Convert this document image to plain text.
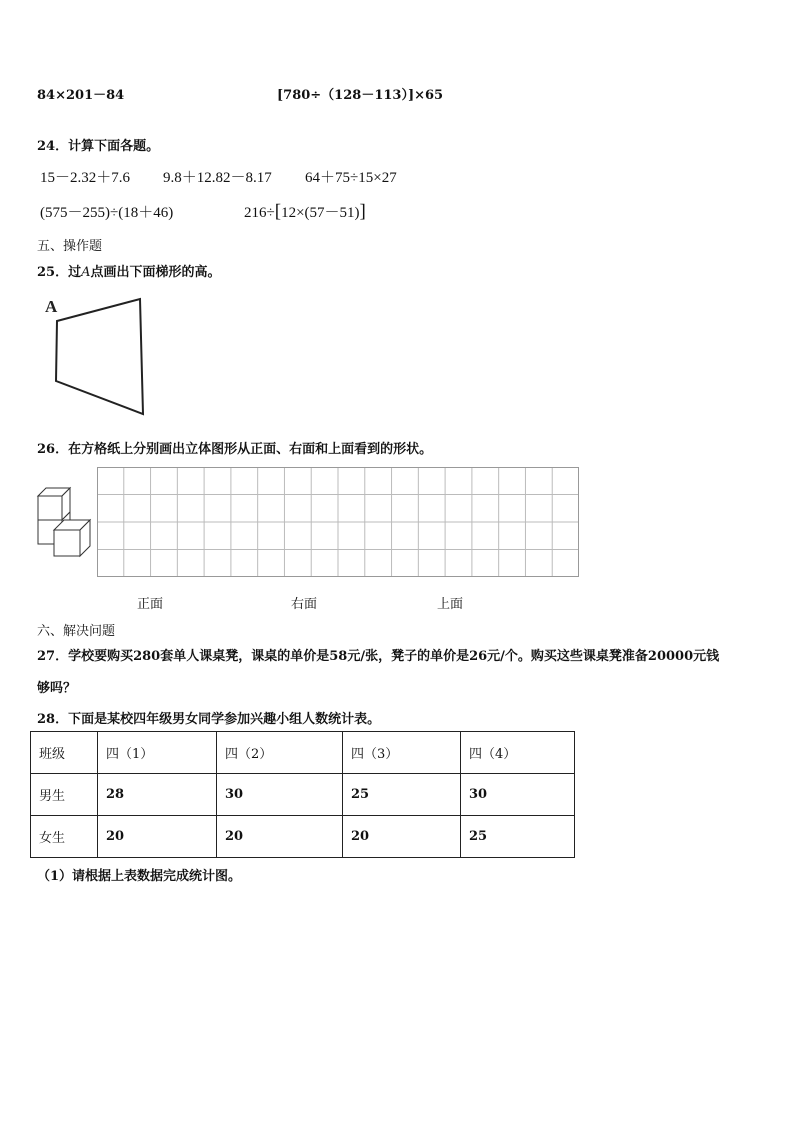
84×201－84	[780÷（128－113）]×65
24．计算下面各题。
15－2.32＋7.6 9.8＋12.82－8.17 64＋75÷15×27
(575－255)÷(18＋46)	216÷[12×(57－51)]
五、操作题
25．过A点画出下面梯形的高。
A
26．在方格纸上分别画出立体图形从正面、右面和上面看到的形状。
正面	右面	上面
六、解决问题
27．学校要购买280套单人课桌凳，课桌的单价是58元/张，凳子的单价是26元/个。购买这些课桌凳准备20000元钱
够吗？
28．下面是某校四年级男女同学参加兴趣小组人数统计表。
班级	四（1）	四（2）	四（3）	四（4）
男生	28	30	25	30
女生	20	20	20	25
（1）请根据上表数据完成统计图。
